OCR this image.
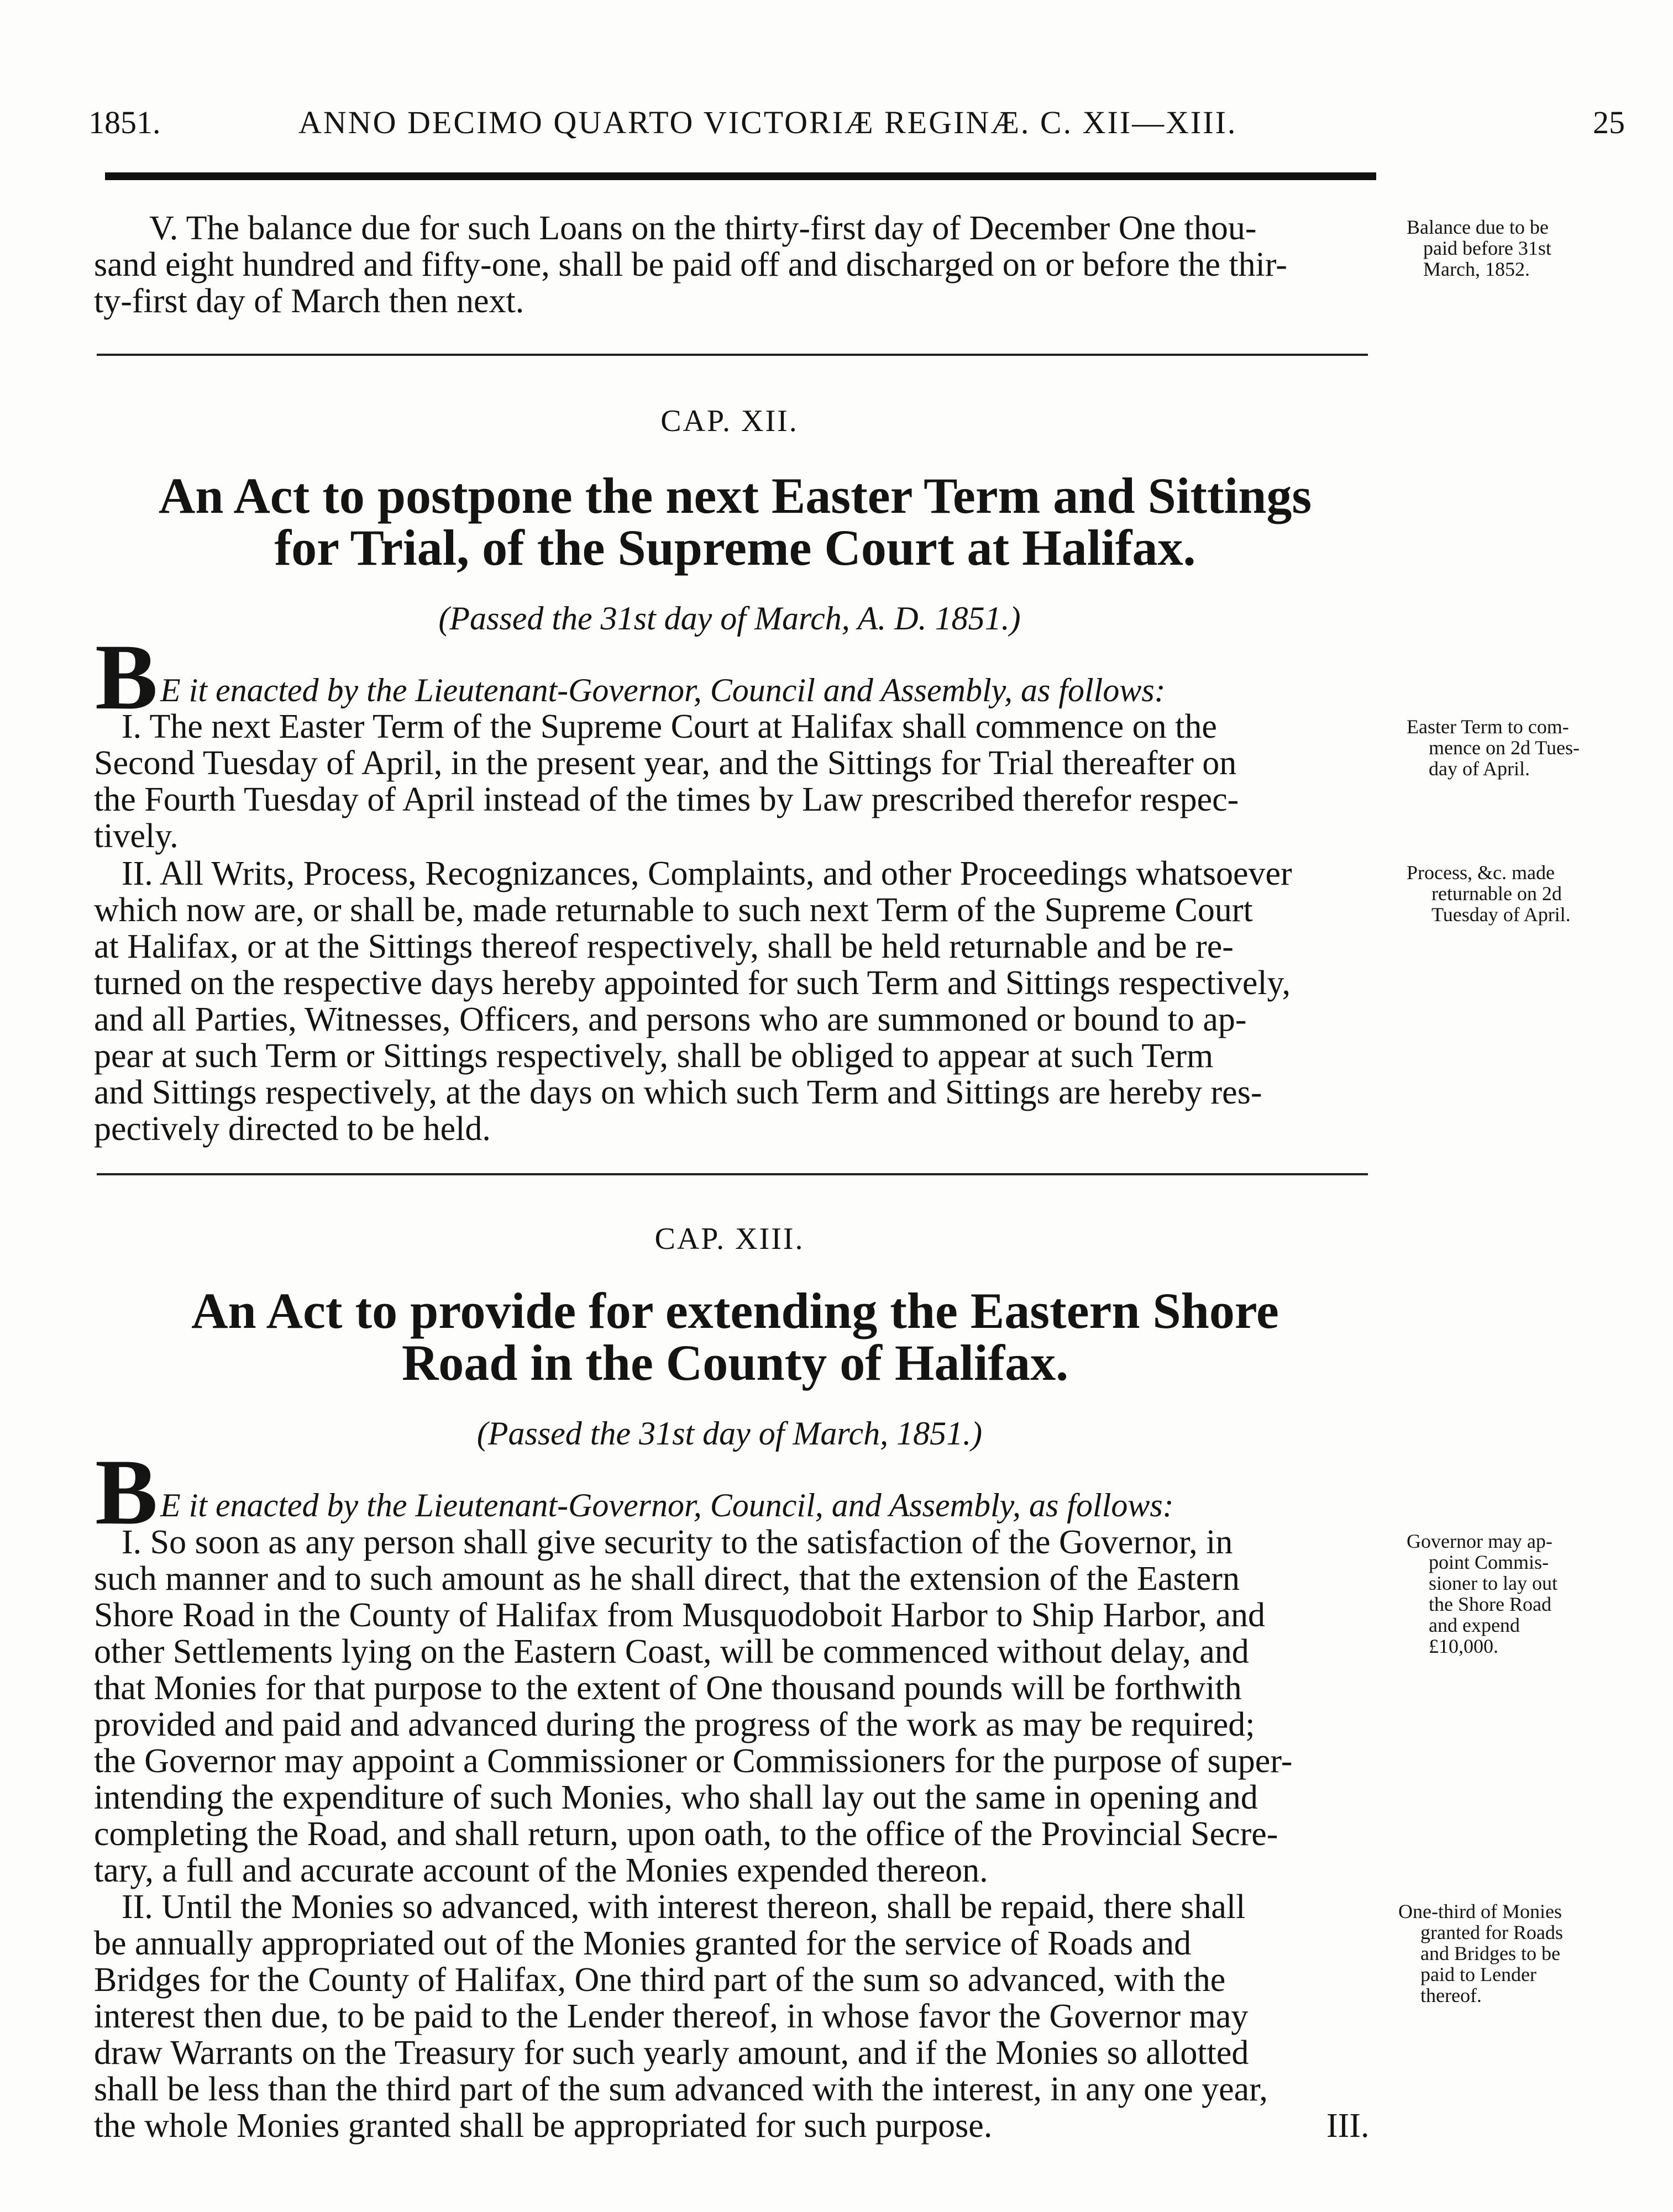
1851.	ANNO DECIMO QUARTO VICTORIÆ REGINÆ. C. XII—XIII.	25
V. The balance due for such Loans on the thirty-first day of December One thou-
sand eight hundred and fifty-one, shall be paid off and discharged on or before the thir-
ty-first day of March then next.
Balance due to be
paid before 31st
March, 1852.
CAP. XII.
An Act to postpone the next Easter Term and Sittings
for Trial, of the Supreme Court at Halifax.
(Passed the 31st day of March, A. D. 1851.)
B E it enacted by the Lieutenant-Governor, Council and Assembly, as follows:
I. The next Easter Term of the Supreme Court at Halifax shall commence on the
Second Tuesday of April, in the present year, and the Sittings for Trial thereafter on
the Fourth Tuesday of April instead of the times by Law prescribed therefor respec-
tively.
Easter Term to com-
mence on 2d Tues-
day of April.
II. All Writs, Process, Recognizances, Complaints, and other Proceedings whatsoever
which now are, or shall be, made returnable to such next Term of the Supreme Court
at Halifax, or at the Sittings thereof respectively, shall be held returnable and be re-
turned on the respective days hereby appointed for such Term and Sittings respectively,
and all Parties, Witnesses, Officers, and persons who are summoned or bound to ap-
pear at such Term or Sittings respectively, shall be obliged to appear at such Term
and Sittings respectively, at the days on which such Term and Sittings are hereby res-
pectively directed to be held.
Process, &c. made
returnable on 2d
Tuesday of April.
CAP. XIII.
An Act to provide for extending the Eastern Shore
Road in the County of Halifax.
(Passed the 31st day of March, 1851.)
B E it enacted by the Lieutenant-Governor, Council, and Assembly, as follows:
I. So soon as any person shall give security to the satisfaction of the Governor, in
such manner and to such amount as he shall direct, that the extension of the Eastern
Shore Road in the County of Halifax from Musquodoboit Harbor to Ship Harbor, and
other Settlements lying on the Eastern Coast, will be commenced without delay, and
that Monies for that purpose to the extent of One thousand pounds will be forthwith
provided and paid and advanced during the progress of the work as may be required;
the Governor may appoint a Commissioner or Commissioners for the purpose of super-
intending the expenditure of such Monies, who shall lay out the same in opening and
completing the Road, and shall return, upon oath, to the office of the Provincial Secre-
tary, a full and accurate account of the Monies expended thereon.
Governor may ap-
point Commis-
sioner to lay out
the Shore Road
and expend
£10,000.
II. Until the Monies so advanced, with interest thereon, shall be repaid, there shall
be annually appropriated out of the Monies granted for the service of Roads and
Bridges for the County of Halifax, One third part of the sum so advanced, with the
interest then due, to be paid to the Lender thereof, in whose favor the Governor may
draw Warrants on the Treasury for such yearly amount, and if the Monies so allotted
shall be less than the third part of the sum advanced with the interest, in any one year,
the whole Monies granted shall be appropriated for such purpose.	III.
One-third of Monies
granted for Roads
and Bridges to be
paid to Lender
thereof.
